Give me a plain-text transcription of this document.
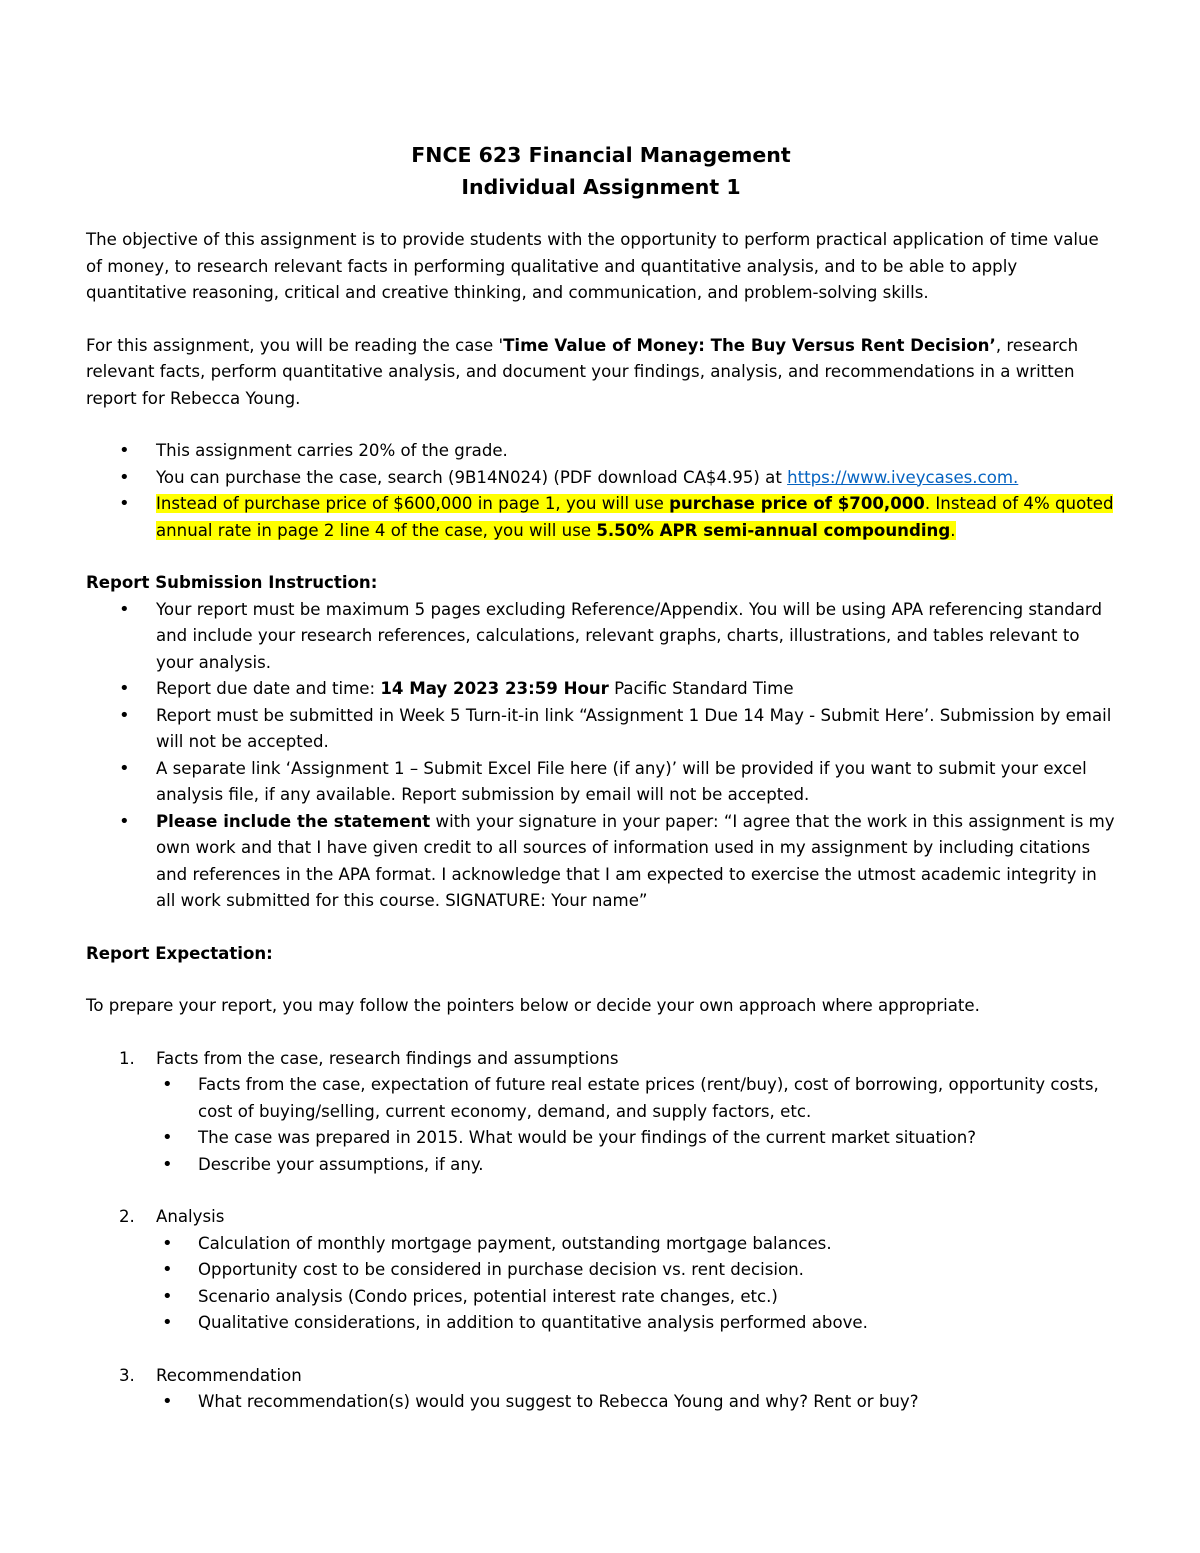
FNCE 623 Financial Management
Individual Assignment 1

The objective of this assignment is to provide students with the opportunity to perform practical application of time value of money, to research relevant facts in performing qualitative and quantitative analysis, and to be able to apply quantitative reasoning, critical and creative thinking, and communication, and problem-solving skills.

For this assignment, you will be reading the case 'Time Value of Money: The Buy Versus Rent Decision’, research relevant facts, perform quantitative analysis, and document your findings, analysis, and recommendations in a written report for Rebecca Young.

• This assignment carries 20% of the grade.
• You can purchase the case, search (9B14N024) (PDF download CA$4.95) at https://www.iveycases.com.
• Instead of purchase price of $600,000 in page 1, you will use purchase price of $700,000. Instead of 4% quoted annual rate in page 2 line 4 of the case, you will use 5.50% APR semi-annual compounding.

Report Submission Instruction:

• Your report must be maximum 5 pages excluding Reference/Appendix. You will be using APA referencing standard and include your research references, calculations, relevant graphs, charts, illustrations, and tables relevant to your analysis.
• Report due date and time: 14 May 2023 23:59 Hour Pacific Standard Time
• Report must be submitted in Week 5 Turn-it-in link “Assignment 1 Due 14 May - Submit Here’. Submission by email will not be accepted.
• A separate link ‘Assignment 1 – Submit Excel File here (if any)’ will be provided if you want to submit your excel analysis file, if any available. Report submission by email will not be accepted.
• Please include the statement with your signature in your paper: “I agree that the work in this assignment is my own work and that I have given credit to all sources of information used in my assignment by including citations and references in the APA format. I acknowledge that I am expected to exercise the utmost academic integrity in all work submitted for this course. SIGNATURE: Your name”

Report Expectation:

To prepare your report, you may follow the pointers below or decide your own approach where appropriate.

1. Facts from the case, research findings and assumptions
• Facts from the case, expectation of future real estate prices (rent/buy), cost of borrowing, opportunity costs, cost of buying/selling, current economy, demand, and supply factors, etc.
• The case was prepared in 2015. What would be your findings of the current market situation?
• Describe your assumptions, if any.
2. Analysis
• Calculation of monthly mortgage payment, outstanding mortgage balances.
• Opportunity cost to be considered in purchase decision vs. rent decision.
• Scenario analysis (Condo prices, potential interest rate changes, etc.)
• Qualitative considerations, in addition to quantitative analysis performed above.
3. Recommendation
• What recommendation(s) would you suggest to Rebecca Young and why? Rent or buy?
